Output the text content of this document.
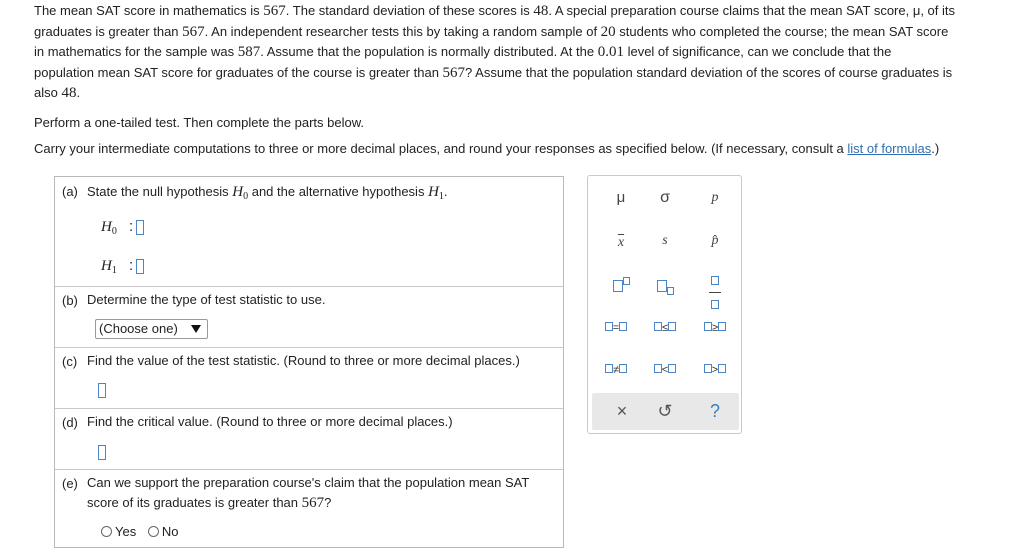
The mean SAT score in mathematics is 567. The standard deviation of these scores is 48. A special preparation course claims that the mean SAT score, μ, of its
graduates is greater than 567. An independent researcher tests this by taking a random sample of 20 students who completed the course; the mean SAT score
in mathematics for the sample was 587. Assume that the population is normally distributed. At the 0.01 level of significance, can we conclude that the
population mean SAT score for graduates of the course is greater than 567? Assume that the population standard deviation of the scores of course graduates is
also 48.
Perform a one-tailed test. Then complete the parts below.
Carry your intermediate computations to three or more decimal places, and round your responses as specified below. (If necessary, consult a list of formulas.)
(a) State the null hypothesis $H_0$ and the alternative hypothesis $H_1$.
$H_0$ :
$H_1$ :
(b) Determine the type of test statistic to use.
(Choose one)
(c) Find the value of the test statistic. (Round to three or more decimal places.)
(d) Find the critical value. (Round to three or more decimal places.)
(e) Can we support the preparation course's claim that the population mean SAT
score of its graduates is greater than 567?
Yes No
μ	σ	p
$\overline{x}$	s	p̂

=	≤	≥
≠	<	>
×	↺	?
